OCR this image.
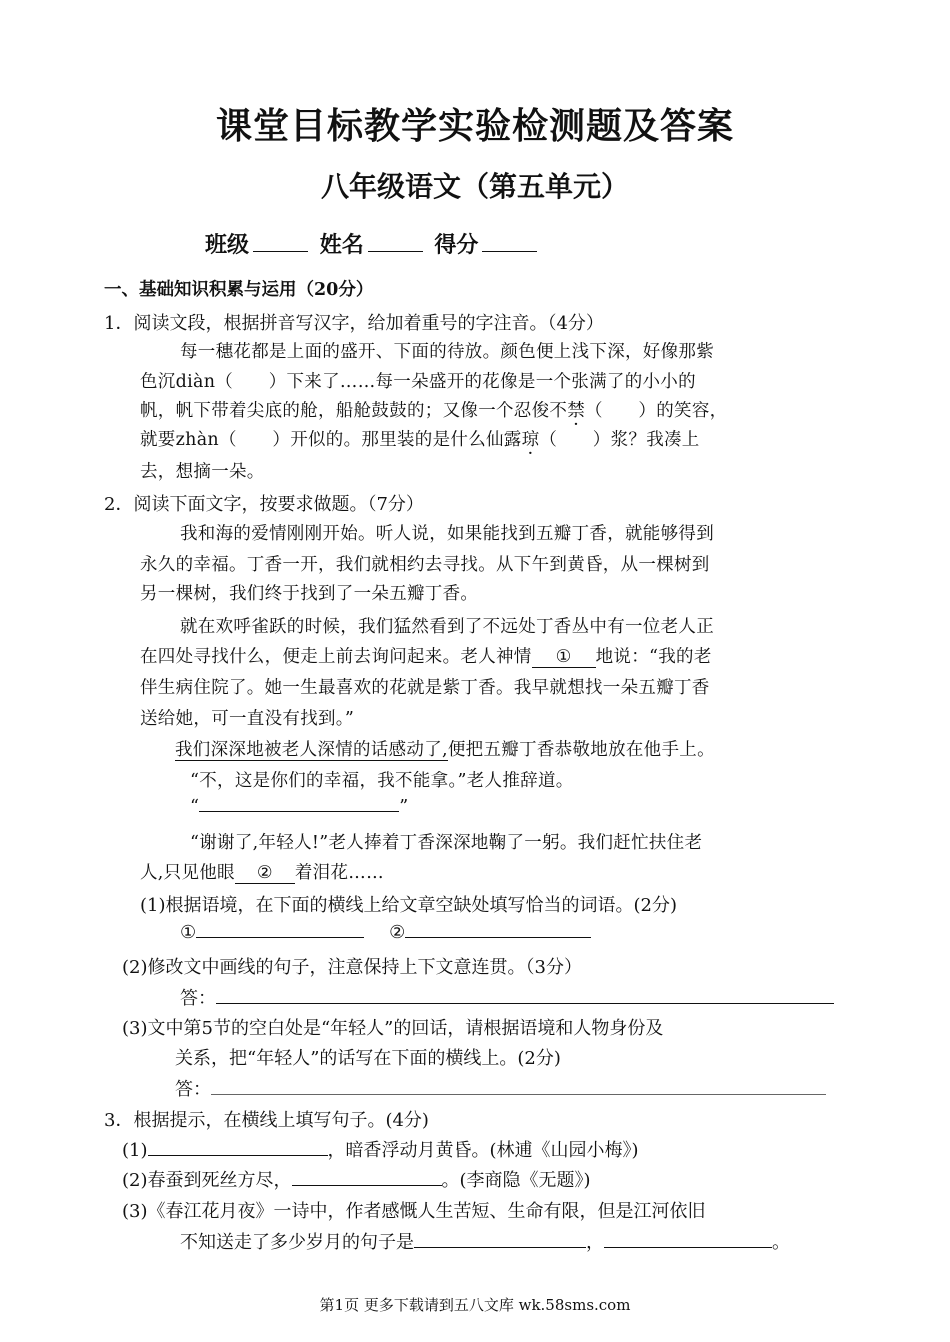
课堂目标教学实验检测题及答案
八年级语文（第五单元）
班级	姓名	得分
一、基础知识积累与运用（20分）
1．阅读文段，根据拼音写汉字，给加着重号的字注音。（4分）
每一穗花都是上面的盛开、下面的待放。颜色便上浅下深，好像那紫
色沉diàn（　　）下来了……每一朵盛开的花像是一个张满了的小小的
帆，帆下带着尖底的舱，船舱鼓鼓的；又像一个忍俊不禁（　　）的笑容，
就要zhàn（　　）开似的。那里装的是什么仙露琼（　　）浆？我凑上
去，想摘一朵。
2．阅读下面文字，按要求做题。（7分）
我和海的爱情刚刚开始。听人说，如果能找到五瓣丁香，就能够得到
永久的幸福。丁香一开，我们就相约去寻找。从下午到黄昏，从一棵树到
另一棵树，我们终于找到了一朵五瓣丁香。
就在欢呼雀跃的时候，我们猛然看到了不远处丁香丛中有一位老人正
在四处寻找什么，便走上前去询问起来。老人神情 ① 地说：“我的老
伴生病住院了。她一生最喜欢的花就是紫丁香。我早就想找一朵五瓣丁香
送给她，可一直没有找到。”
我们深深地被老人深情的话感动了,便把五瓣丁香恭敬地放在他手上。
“不，这是你们的幸福，我不能拿。”老人推辞道。
“	”
“谢谢了,年轻人!”老人捧着丁香深深地鞠了一躬。我们赶忙扶住老
人,只见他眼 ② 着泪花……
(1)根据语境，在下面的横线上给文章空缺处填写恰当的词语。(2分)
①	②
(2)修改文中画线的句子，注意保持上下文意连贯。（3分）
答：
(3)文中第5节的空白处是“年轻人”的回话，请根据语境和人物身份及
关系，把“年轻人”的话写在下面的横线上。(2分)
答：
3．根据提示，在横线上填写句子。(4分)
(1)	，暗香浮动月黄昏。(林逋《山园小梅》)
(2)春蚕到死丝方尽，	。(李商隐《无题》)
(3)《春江花月夜》一诗中，作者感慨人生苦短、生命有限，但是江河依旧
不知送走了多少岁月的句子是	，	。
第1页 更多下载请到五八文库 wk.58sms.com
